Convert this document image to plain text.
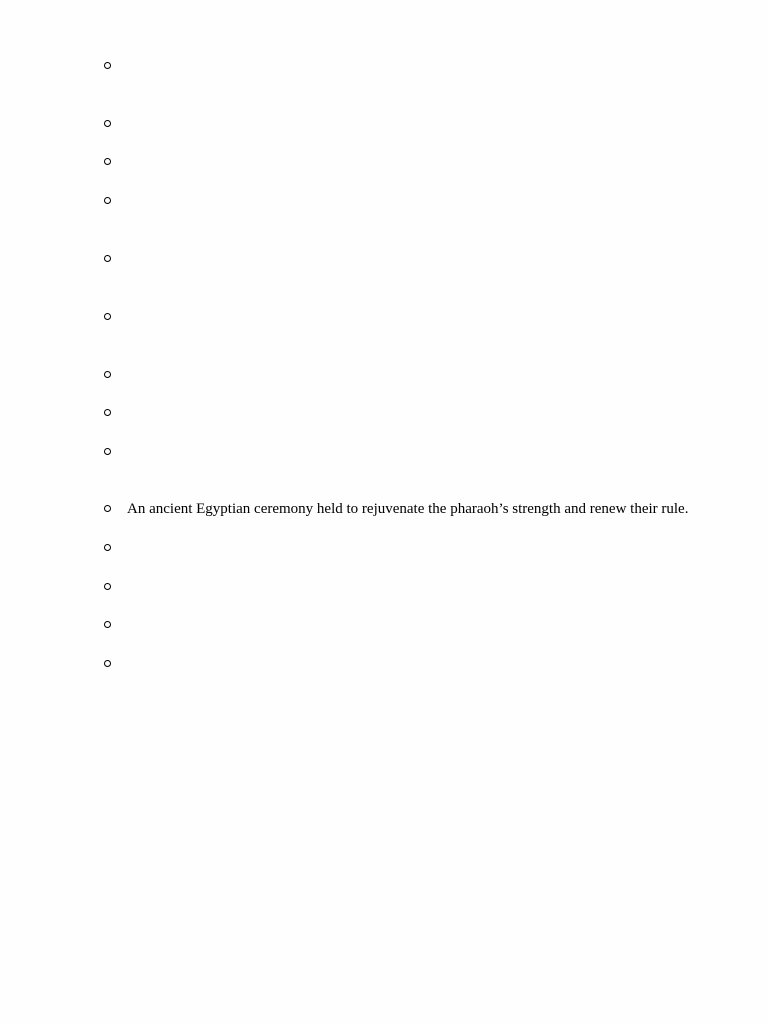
An ancient Egyptian ceremony held to rejuvenate the pharaoh’s strength and renew their rule.
